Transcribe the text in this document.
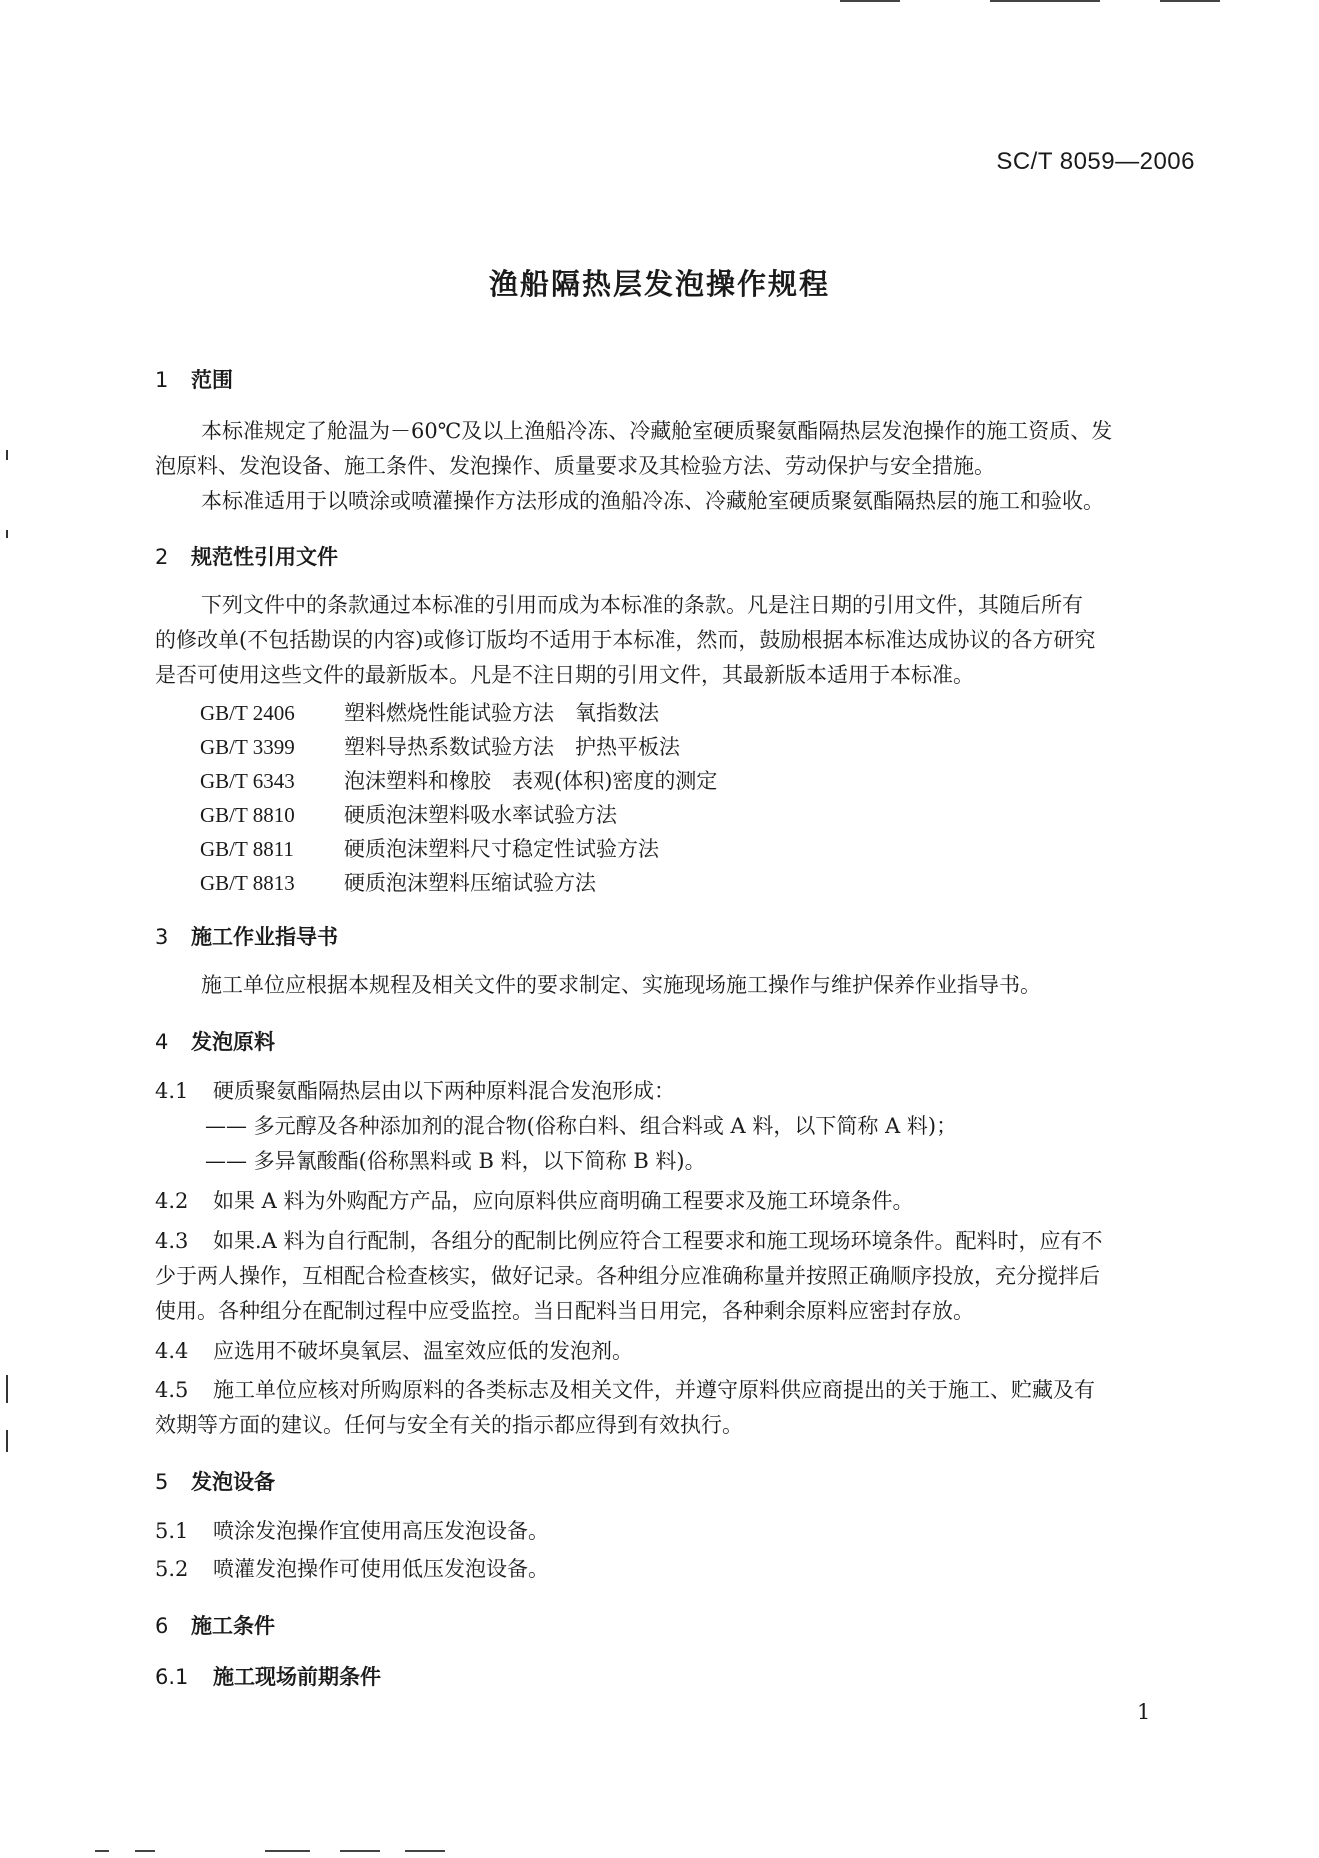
SC/T 8059—2006
渔船隔热层发泡操作规程
1 范围
本标准规定了舱温为－60℃及以上渔船冷冻、冷藏舱室硬质聚氨酯隔热层发泡操作的施工资质、发
泡原料、发泡设备、施工条件、发泡操作、质量要求及其检验方法、劳动保护与安全措施。
本标准适用于以喷涂或喷灌操作方法形成的渔船冷冻、冷藏舱室硬质聚氨酯隔热层的施工和验收。
2 规范性引用文件
下列文件中的条款通过本标准的引用而成为本标准的条款。凡是注日期的引用文件，其随后所有
的修改单(不包括勘误的内容)或修订版均不适用于本标准，然而，鼓励根据本标准达成协议的各方研究
是否可使用这些文件的最新版本。凡是不注日期的引用文件，其最新版本适用于本标准。
GB/T 2406 塑料燃烧性能试验方法　氧指数法
GB/T 3399 塑料导热系数试验方法　护热平板法
GB/T 6343 泡沫塑料和橡胶　表观(体积)密度的测定
GB/T 8810 硬质泡沫塑料吸水率试验方法
GB/T 8811 硬质泡沫塑料尺寸稳定性试验方法
GB/T 8813 硬质泡沫塑料压缩试验方法
3 施工作业指导书
施工单位应根据本规程及相关文件的要求制定、实施现场施工操作与维护保养作业指导书。
4 发泡原料
4.1 硬质聚氨酯隔热层由以下两种原料混合发泡形成：
—— 多元醇及各种添加剂的混合物(俗称白料、组合料或 A 料，以下简称 A 料)；
—— 多异氰酸酯(俗称黑料或 B 料，以下简称 B 料)。
4.2 如果 A 料为外购配方产品，应向原料供应商明确工程要求及施工环境条件。
4.3 如果.A 料为自行配制，各组分的配制比例应符合工程要求和施工现场环境条件。配料时，应有不
少于两人操作，互相配合检查核实，做好记录。各种组分应准确称量并按照正确顺序投放，充分搅拌后
使用。各种组分在配制过程中应受监控。当日配料当日用完，各种剩余原料应密封存放。
4.4 应选用不破坏臭氧层、温室效应低的发泡剂。
4.5 施工单位应核对所购原料的各类标志及相关文件，并遵守原料供应商提出的关于施工、贮藏及有
效期等方面的建议。任何与安全有关的指示都应得到有效执行。
5 发泡设备
5.1 喷涂发泡操作宜使用高压发泡设备。
5.2 喷灌发泡操作可使用低压发泡设备。
6 施工条件
6.1 施工现场前期条件
1
